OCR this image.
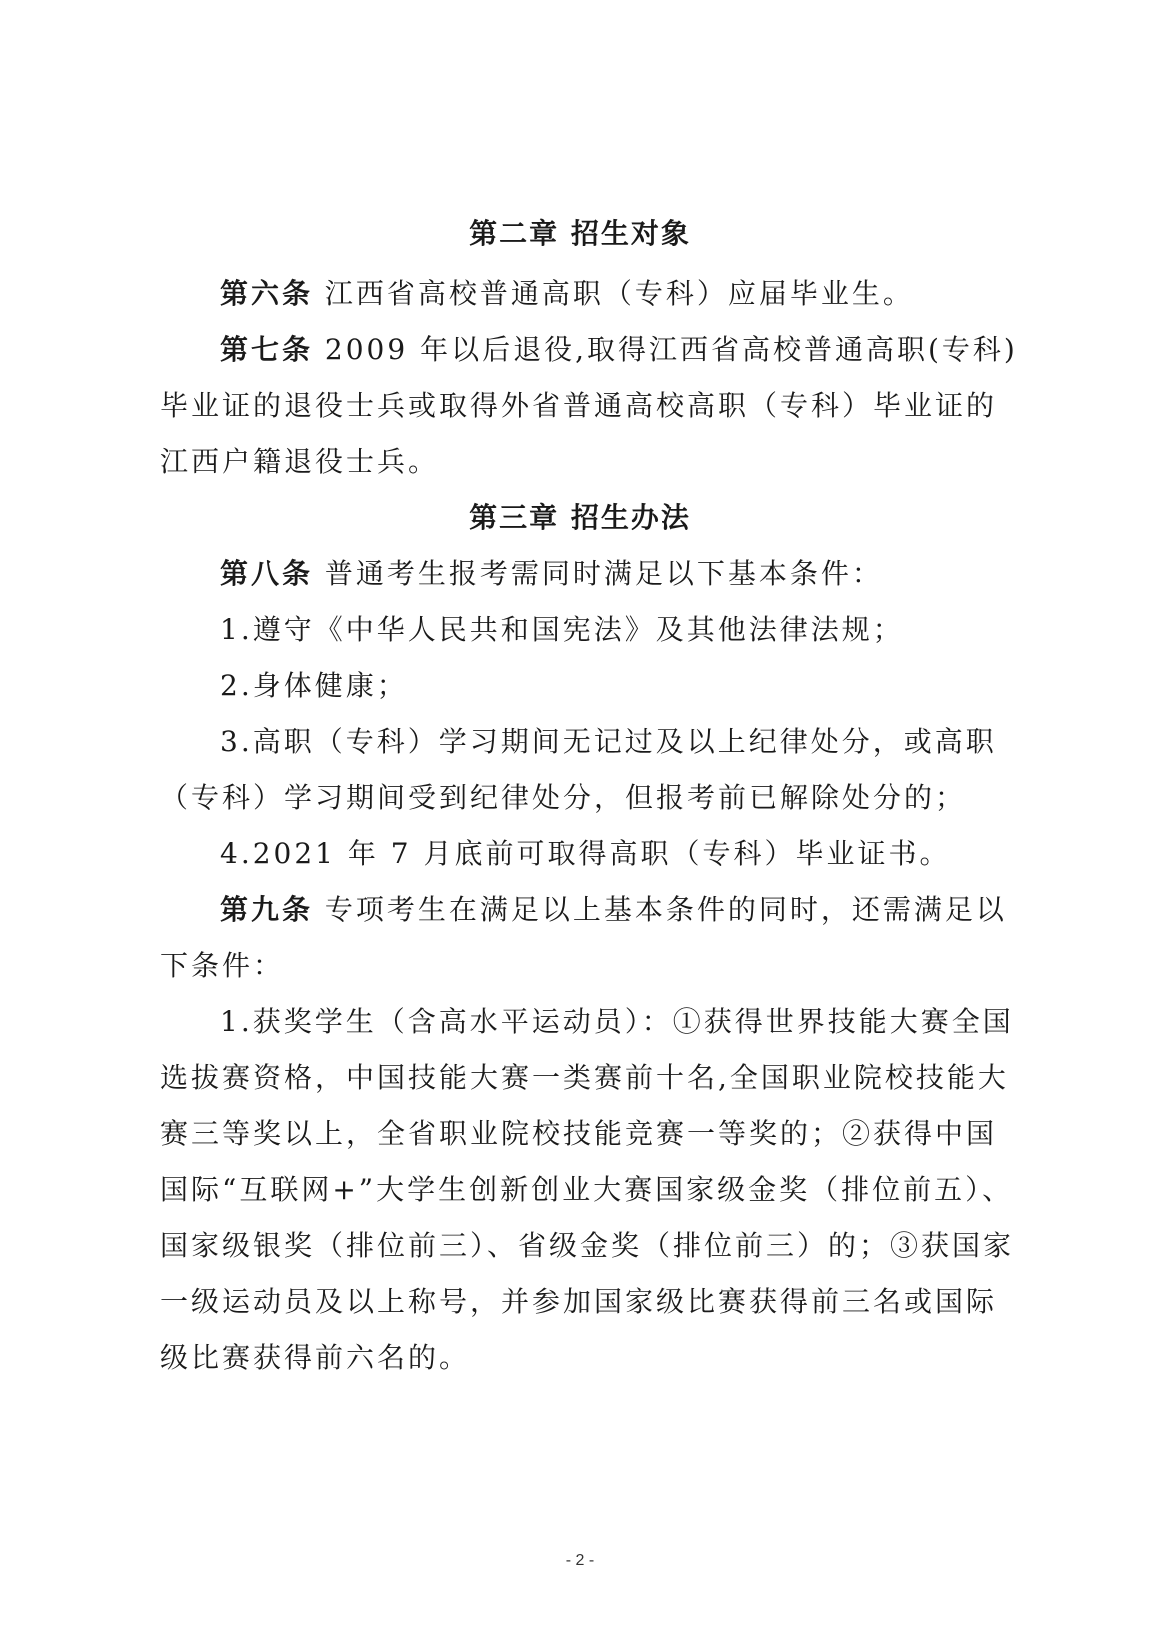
第二章 招生对象
第六条 江西省高校普通高职（专科）应届毕业生。
第七条 2009 年以后退役,取得江西省高校普通高职(专科)
毕业证的退役士兵或取得外省普通高校高职（专科）毕业证的
江西户籍退役士兵。
第三章 招生办法
第八条 普通考生报考需同时满足以下基本条件：
1.遵守《中华人民共和国宪法》及其他法律法规；
2.身体健康；
3.高职（专科）学习期间无记过及以上纪律处分，或高职
（专科）学习期间受到纪律处分，但报考前已解除处分的；
4.2021 年 7 月底前可取得高职（专科）毕业证书。
第九条 专项考生在满足以上基本条件的同时，还需满足以
下条件：
1.获奖学生（含高水平运动员）：①获得世界技能大赛全国
选拔赛资格，中国技能大赛一类赛前十名,全国职业院校技能大
赛三等奖以上，全省职业院校技能竞赛一等奖的；②获得中国
国际“互联网+”大学生创新创业大赛国家级金奖（排位前五）、
国家级银奖（排位前三）、省级金奖（排位前三）的；③获国家
一级运动员及以上称号，并参加国家级比赛获得前三名或国际
级比赛获得前六名的。
- 2 -
